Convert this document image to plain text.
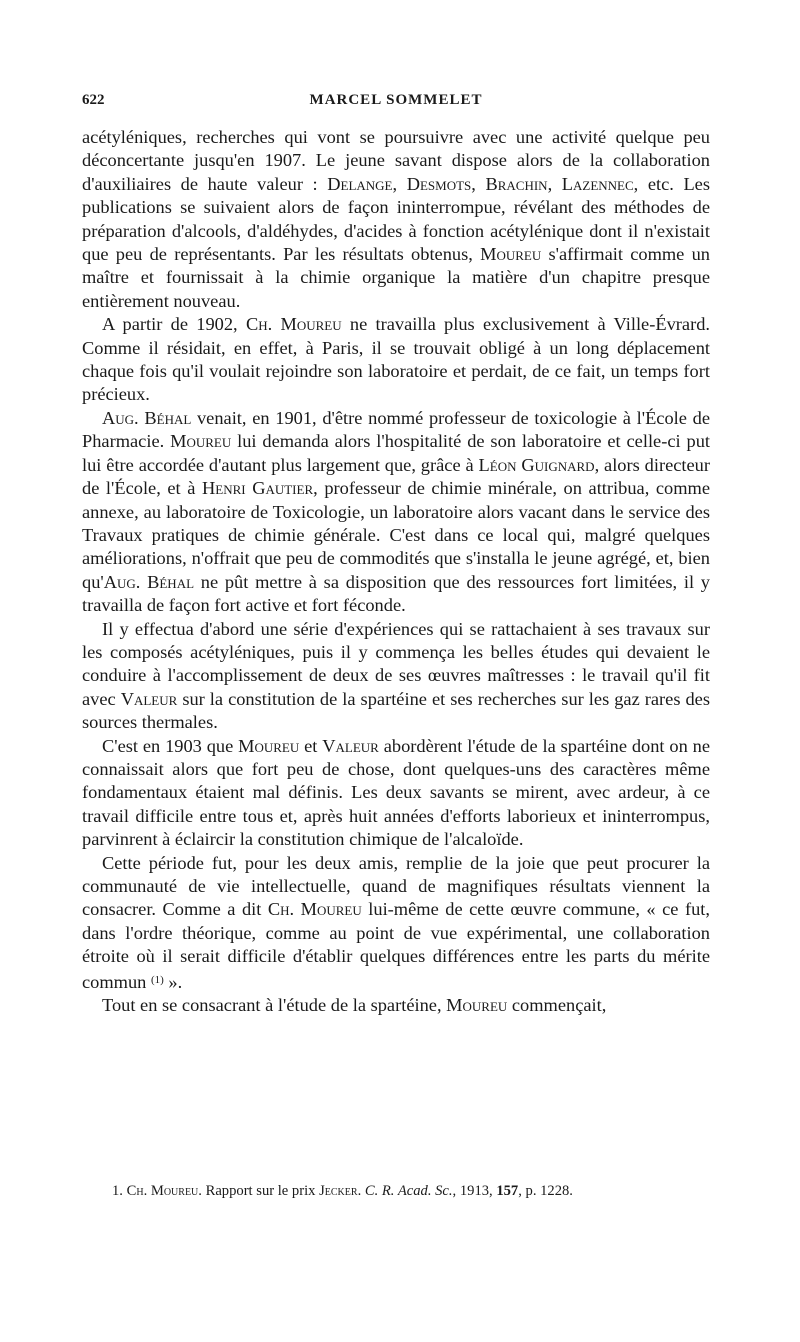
622	MARCEL SOMMELET

acétyléniques, recherches qui vont se poursuivre avec une activité quelque peu déconcertante jusqu'en 1907. Le jeune savant dispose alors de la collaboration d'auxiliaires de haute valeur : Delange, Desmots, Brachin, Lazennec, etc. Les publications se suivaient alors de façon ininterrompue, révélant des méthodes de préparation d'alcools, d'aldéhydes, d'acides à fonction acétylénique dont il n'existait que peu de représentants. Par les résultats obtenus, Moureu s'affirmait comme un maître et fournissait à la chimie organique la matière d'un chapitre presque entièrement nouveau.

A partir de 1902, Ch. Moureu ne travailla plus exclusivement à Ville-Évrard. Comme il résidait, en effet, à Paris, il se trouvait obligé à un long déplacement chaque fois qu'il voulait rejoindre son laboratoire et perdait, de ce fait, un temps fort précieux.

Aug. Béhal venait, en 1901, d'être nommé professeur de toxicologie à l'École de Pharmacie. Moureu lui demanda alors l'hospitalité de son laboratoire et celle-ci put lui être accordée d'autant plus largement que, grâce à Léon Guignard, alors directeur de l'École, et à Henri Gautier, professeur de chimie minérale, on attribua, comme annexe, au laboratoire de Toxicologie, un laboratoire alors vacant dans le service des Travaux pratiques de chimie générale. C'est dans ce local qui, malgré quelques améliorations, n'offrait que peu de commodités que s'installa le jeune agrégé, et, bien qu'Aug. Béhal ne pût mettre à sa disposition que des ressources fort limitées, il y travailla de façon fort active et fort féconde.

Il y effectua d'abord une série d'expériences qui se rattachaient à ses travaux sur les composés acétyléniques, puis il y commença les belles études qui devaient le conduire à l'accomplissement de deux de ses œuvres maîtresses : le travail qu'il fit avec Valeur sur la constitution de la spartéine et ses recherches sur les gaz rares des sources thermales.

C'est en 1903 que Moureu et Valeur abordèrent l'étude de la spartéine dont on ne connaissait alors que fort peu de chose, dont quelques-uns des caractères même fondamentaux étaient mal définis. Les deux savants se mirent, avec ardeur, à ce travail difficile entre tous et, après huit années d'efforts laborieux et ininterrompus, parvinrent à éclaircir la constitution chimique de l'alcaloïde.

Cette période fut, pour les deux amis, remplie de la joie que peut procurer la communauté de vie intellectuelle, quand de magnifiques résultats viennent la consacrer. Comme a dit Ch. Moureu lui-même de cette œuvre commune, « ce fut, dans l'ordre théorique, comme au point de vue expérimental, une collaboration étroite où il serait difficile d'établir quelques différences entre les parts du mérite commun $^{(1)}$ ».

Tout en se consacrant à l'étude de la spartéine, Moureu commençait,

1. Ch. Moureu. Rapport sur le prix Jecker. C. R. Acad. Sc., 1913, 157, p. 1228.
